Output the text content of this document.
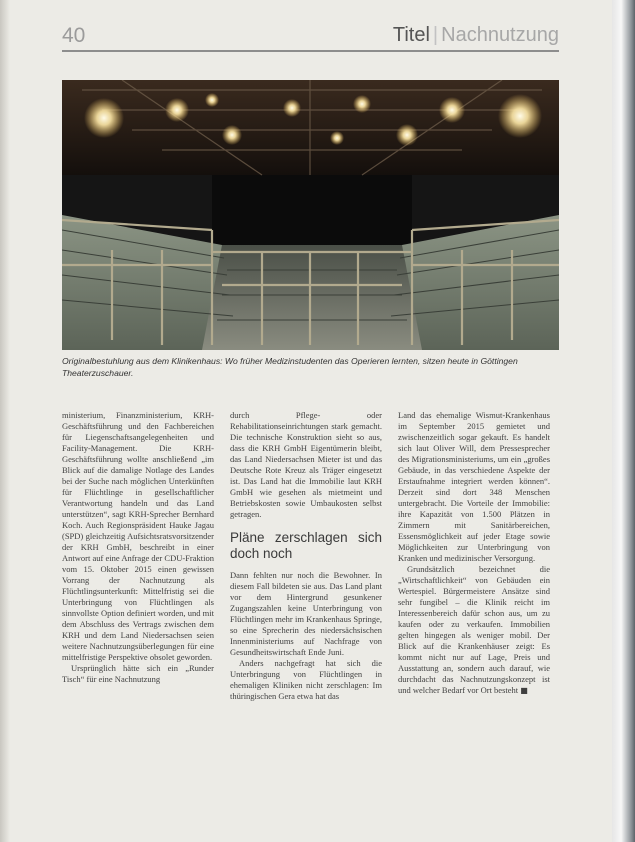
40	Titel | Nachnutzung
Originalbestuhlung aus dem Klinikenhaus: Wo früher Medizinstudenten das Operieren lernten, sitzen heute in Göttingen Theaterzuschauer.

ministerium, Finanzministerium, KRH-Geschäftsführung und den Fachbereichen für Liegenschaftsangelegenheiten und Facility-Management. Die KRH-Geschäftsführung wollte anschließend „im Blick auf die damalige Notlage des Landes bei der Suche nach möglichen Unterkünften für Flüchtlinge in gesellschaftlicher Verantwortung handeln und das Land unterstützen“, sagt KRH-Sprecher Bernhard Koch. Auch Regionspräsident Hauke Jagau (SPD) gleichzeitig Aufsichtsratsvorsitzender der KRH GmbH, beschreibt in einer Antwort auf eine Anfrage der CDU-Fraktion vom 15. Oktober 2015 einen gewissen Vorrang der Nachnutzung als Flüchtlingsunterkunft: Mittelfristig sei die Unterbringung von Flüchtlingen als sinnvollste Option definiert worden, und mit dem Abschluss des Vertrags zwischen dem KRH und dem Land Niedersachsen seien weitere Nachnutzungsüberlegungen für eine mittelfristige Perspektive obsolet geworden.

Ursprünglich hätte sich ein „Runder Tisch“ für eine Nachnutzung

durch Pflege- oder Rehabilitationseinrichtungen stark gemacht. Die technische Konstruktion sieht so aus, dass die KRH GmbH Eigentümerin bleibt, das Land Niedersachsen Mieter ist und das Deutsche Rote Kreuz als Träger eingesetzt ist. Das Land hat die Immobilie laut KRH GmbH wie gesehen als mietmeint und Betriebskosten sowie Umbaukosten selbst getragen.

Pläne zerschlagen sich doch noch

Dann fehlten nur noch die Bewohner. In diesem Fall bildeten sie aus. Das Land plant vor dem Hintergrund gesunkener Zugangszahlen keine Unterbringung von Flüchtlingen mehr im Krankenhaus Springe, so eine Sprecherin des niedersächsischen Innenministeriums auf Nachfrage von Gesundheitswirtschaft Ende Juni.

Anders nachgefragt hat sich die Unterbringung von Flüchtlingen in ehemaligen Kliniken nicht zerschlagen: Im thüringischen Gera etwa hat das

Land das ehemalige Wismut-Krankenhaus im September 2015 gemietet und zwischenzeitlich sogar gekauft. Es handelt sich laut Oliver Will, dem Pressesprecher des Migrationsministeriums, um ein „großes Gebäude, in das verschiedene Aspekte der Erstaufnahme integriert werden können“. Derzeit sind dort 348 Menschen untergebracht. Die Vorteile der Immobilie: ihre Kapazität von 1.500 Plätzen in Zimmern mit Sanitärbereichen, Essensmöglichkeit auf jeder Etage sowie Möglichkeiten zur Unterbringung von Kranken und medizinischer Versorgung.

Grundsätzlich bezeichnet die „Wirtschaftlichkeit“ von Gebäuden ein Wertespiel. Bürgermeistere Ansätze sind sehr fungibel – die Klinik reicht im Interessenbereich dafür schon aus, um zu kaufen oder zu verkaufen. Immobilien gelten hingegen als weniger mobil. Der Blick auf die Krankenhäuser zeigt: Es kommt nicht nur auf Lage, Preis und Ausstattung an, sondern auch darauf, wie durchdacht das Nachnutzungskonzept ist und welcher Bedarf vor Ort besteht ■
